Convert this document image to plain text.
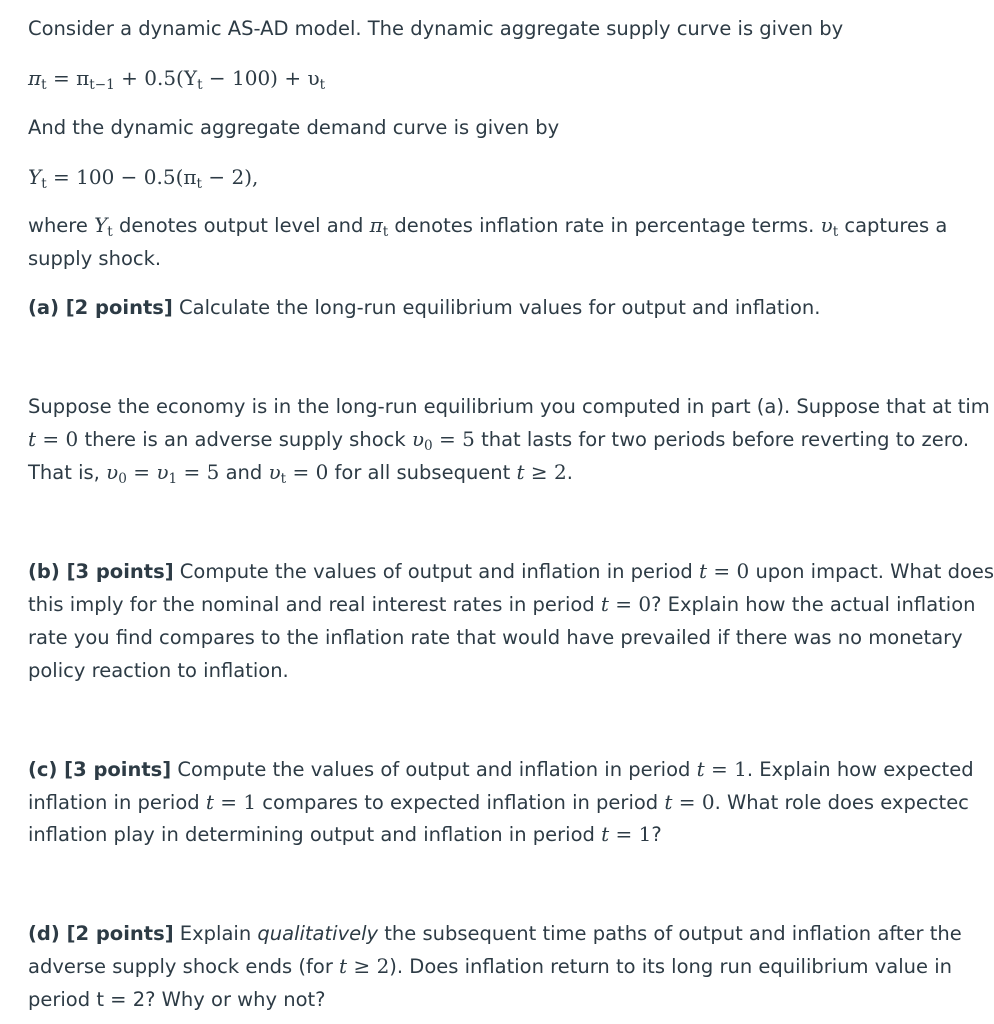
Consider a dynamic AS-AD model. The dynamic aggregate supply curve is given by

$\pi_t = \pi_{t-1} + 0.5(Y_t - 100) + \upsilon_t$

And the dynamic aggregate demand curve is given by

$Y_t = 100 - 0.5(\pi_t - 2)$,

where $Y_t$ denotes output level and $\pi_t$ denotes inflation rate in percentage terms. $\upsilon_t$ captures a

supply shock.

(a) [2 points] Calculate the long-run equilibrium values for output and inflation.

Suppose the economy is in the long-run equilibrium you computed in part (a). Suppose that at tim

t = 0 there is an adverse supply shock $\upsilon_0 = 5$ that lasts for two periods before reverting to zero.

That is, $\upsilon_0 = \upsilon_1 = 5$ and $\upsilon_t = 0$ for all subsequent t ≥ 2.

(b) [3 points] Compute the values of output and inflation in period t = 0 upon impact. What does

this imply for the nominal and real interest rates in period t = 0? Explain how the actual inflation

rate you find compares to the inflation rate that would have prevailed if there was no monetary

policy reaction to inflation.

(c) [3 points] Compute the values of output and inflation in period t = 1. Explain how expected

inflation in period t = 1 compares to expected inflation in period t = 0. What role does expectec

inflation play in determining output and inflation in period t = 1?

(d) [2 points] Explain qualitatively the subsequent time paths of output and inflation after the

adverse supply shock ends (for t ≥ 2). Does inflation return to its long run equilibrium value in

period t = 2? Why or why not?
